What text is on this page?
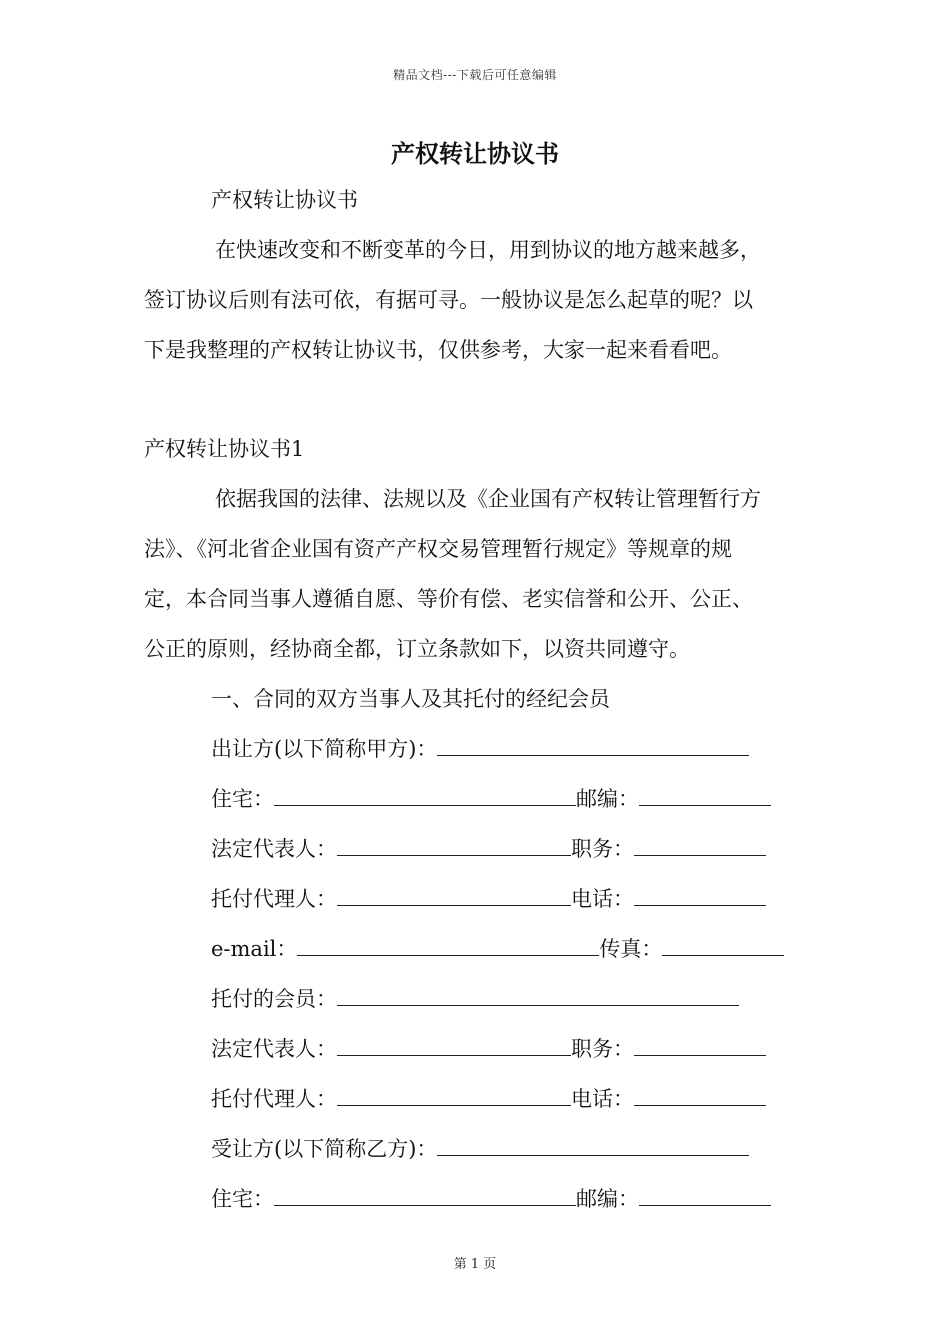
精品文档---下载后可任意编辑
产权转让协议书
产权转让协议书
在快速改变和不断变革的今日，用到协议的地方越来越多，
签订协议后则有法可依，有据可寻。一般协议是怎么起草的呢？以
下是我整理的产权转让协议书，仅供参考，大家一起来看看吧。
产权转让协议书1
依据我国的法律、法规以及《企业国有产权转让管理暂行方
法》、《河北省企业国有资产产权交易管理暂行规定》等规章的规
定，本合同当事人遵循自愿、等价有偿、老实信誉和公开、公正、
公正的原则，经协商全都，订立条款如下，以资共同遵守。
一、合同的双方当事人及其托付的经纪会员
出让方(以下简称甲方)：
住宅：	邮编：
法定代表人：	职务：
托付代理人：	电话：
e-mail：	传真：
托付的会员：
法定代表人：	职务：
托付代理人：	电话：
受让方(以下简称乙方)：
住宅：	邮编：
第 1 页
